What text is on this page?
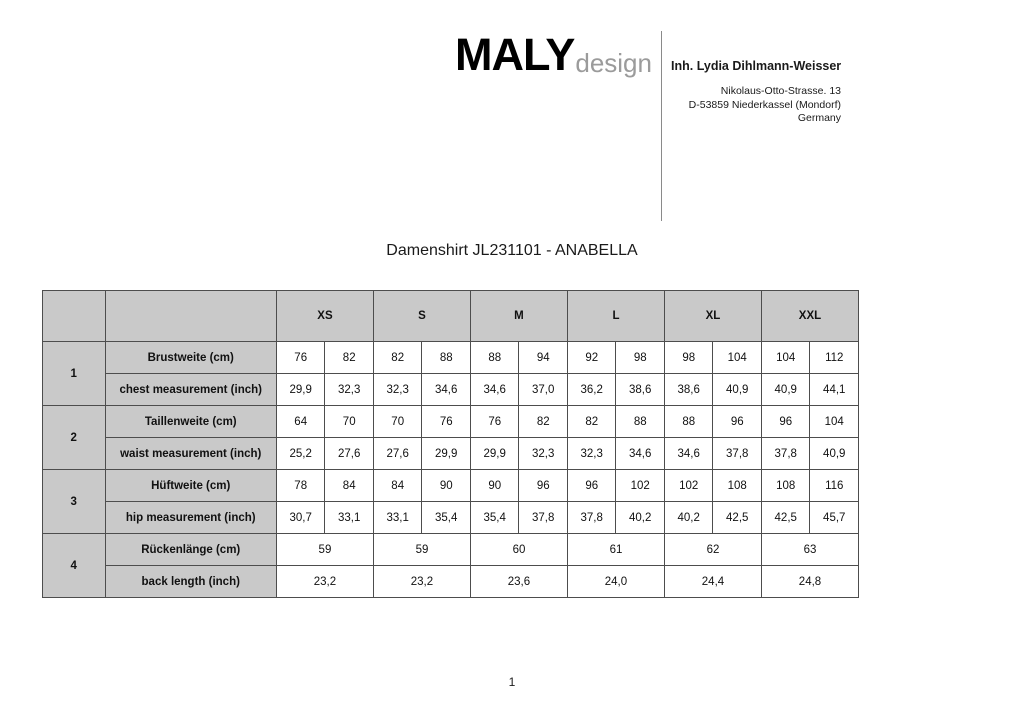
MALY design Inh. Lydia Dihlmann-Weisser
Nikolaus-Otto-Strasse. 13
D-53859 Niederkassel (Mondorf)
Germany
Damenshirt JL231101 - ANABELLA
		XS		S		M		L		XL		XXL	
1	Brustweite (cm)	76	82	82	88	88	94	92	98	98	104	104	112
	chest measurement (inch)	29,9	32,3	32,3	34,6	34,6	37,0	36,2	38,6	38,6	40,9	40,9	44,1
2	Taillenweite (cm)	64	70	70	76	76	82	82	88	88	96	96	104
	waist measurement (inch)	25,2	27,6	27,6	29,9	29,9	32,3	32,3	34,6	34,6	37,8	37,8	40,9
3	Hüftweite (cm)	78	84	84	90	90	96	96	102	102	108	108	116
	hip measurement (inch)	30,7	33,1	33,1	35,4	35,4	37,8	37,8	40,2	40,2	42,5	42,5	45,7
4	Rückenlänge (cm)	59		59		60		61		62		63	
	back length (inch)	23,2		23,2		23,6		24,0		24,4		24,8	
1
